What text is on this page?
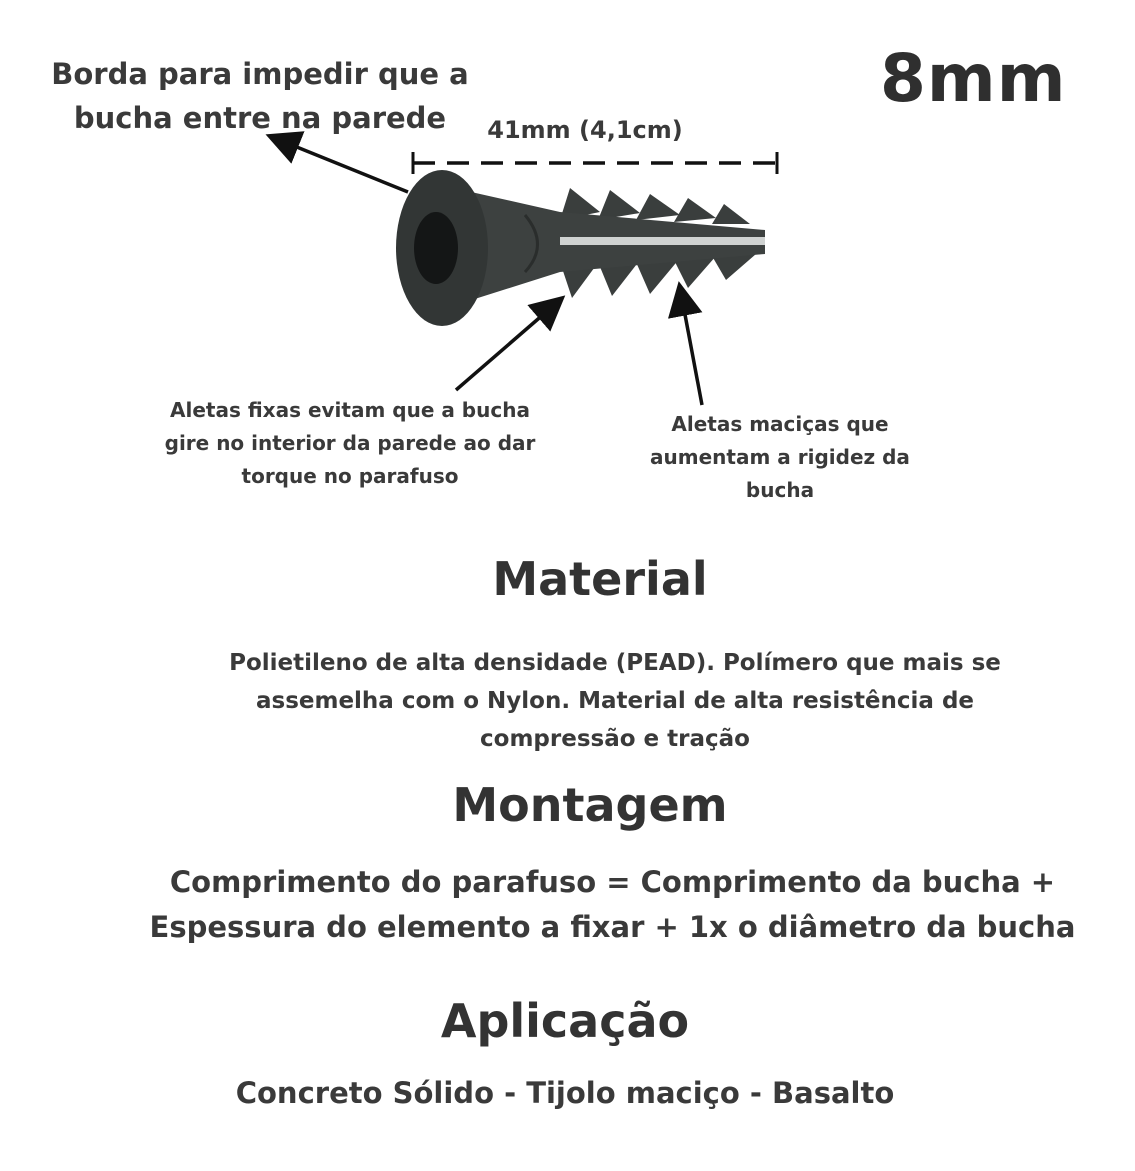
8mm
Borda para impedir que a bucha entre na parede	41mm (4,1cm)
Aletas fixas evitam que a bucha gire no interior da parede ao dar torque no parafuso
Aletas maciças que aumentam a rigidez da bucha
Material
Polietileno de alta densidade (PEAD). Polímero que mais se assemelha com o Nylon. Material de alta resistência de compressão e tração
Montagem
Comprimento do parafuso = Comprimento da bucha + Espessura do elemento a fixar + 1x o diâmetro da bucha
Aplicação
Concreto Sólido - Tijolo maciço - Basalto
